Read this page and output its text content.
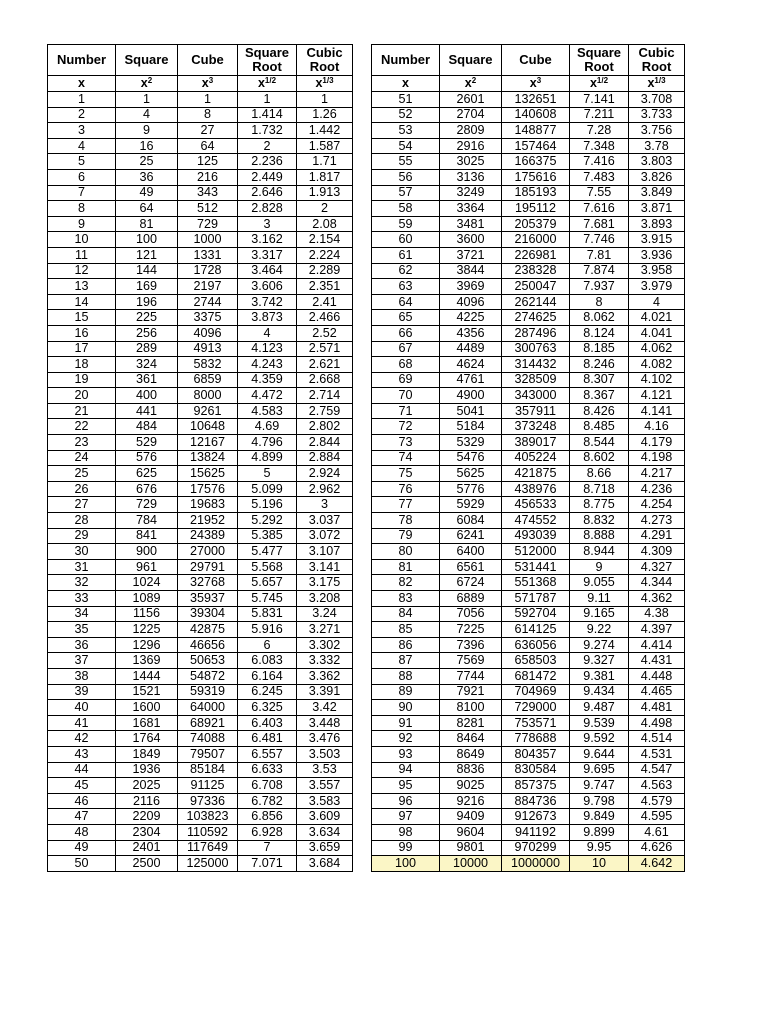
Number	Square	Cube	Square Root	Cubic Root
x	$x^2$	$x^3$	$x^{1/2}$	$x^{1/3}$
1	1	1	1	1
2	4	8	1.414	1.26
3	9	27	1.732	1.442
4	16	64	2	1.587
5	25	125	2.236	1.71
6	36	216	2.449	1.817
7	49	343	2.646	1.913
8	64	512	2.828	2
9	81	729	3	2.08
10	100	1000	3.162	2.154
11	121	1331	3.317	2.224
12	144	1728	3.464	2.289
13	169	2197	3.606	2.351
14	196	2744	3.742	2.41
15	225	3375	3.873	2.466
16	256	4096	4	2.52
17	289	4913	4.123	2.571
18	324	5832	4.243	2.621
19	361	6859	4.359	2.668
20	400	8000	4.472	2.714
21	441	9261	4.583	2.759
22	484	10648	4.69	2.802
23	529	12167	4.796	2.844
24	576	13824	4.899	2.884
25	625	15625	5	2.924
26	676	17576	5.099	2.962
27	729	19683	5.196	3
28	784	21952	5.292	3.037
29	841	24389	5.385	3.072
30	900	27000	5.477	3.107
31	961	29791	5.568	3.141
32	1024	32768	5.657	3.175
33	1089	35937	5.745	3.208
34	1156	39304	5.831	3.24
35	1225	42875	5.916	3.271
36	1296	46656	6	3.302
37	1369	50653	6.083	3.332
38	1444	54872	6.164	3.362
39	1521	59319	6.245	3.391
40	1600	64000	6.325	3.42
41	1681	68921	6.403	3.448
42	1764	74088	6.481	3.476
43	1849	79507	6.557	3.503
44	1936	85184	6.633	3.53
45	2025	91125	6.708	3.557
46	2116	97336	6.782	3.583
47	2209	103823	6.856	3.609
48	2304	110592	6.928	3.634
49	2401	117649	7	3.659
50	2500	125000	7.071	3.684
Number	Square	Cube	Square Root	Cubic Root
x	$x^2$	$x^3$	$x^{1/2}$	$x^{1/3}$
51	2601	132651	7.141	3.708
52	2704	140608	7.211	3.733
53	2809	148877	7.28	3.756
54	2916	157464	7.348	3.78
55	3025	166375	7.416	3.803
56	3136	175616	7.483	3.826
57	3249	185193	7.55	3.849
58	3364	195112	7.616	3.871
59	3481	205379	7.681	3.893
60	3600	216000	7.746	3.915
61	3721	226981	7.81	3.936
62	3844	238328	7.874	3.958
63	3969	250047	7.937	3.979
64	4096	262144	8	4
65	4225	274625	8.062	4.021
66	4356	287496	8.124	4.041
67	4489	300763	8.185	4.062
68	4624	314432	8.246	4.082
69	4761	328509	8.307	4.102
70	4900	343000	8.367	4.121
71	5041	357911	8.426	4.141
72	5184	373248	8.485	4.16
73	5329	389017	8.544	4.179
74	5476	405224	8.602	4.198
75	5625	421875	8.66	4.217
76	5776	438976	8.718	4.236
77	5929	456533	8.775	4.254
78	6084	474552	8.832	4.273
79	6241	493039	8.888	4.291
80	6400	512000	8.944	4.309
81	6561	531441	9	4.327
82	6724	551368	9.055	4.344
83	6889	571787	9.11	4.362
84	7056	592704	9.165	4.38
85	7225	614125	9.22	4.397
86	7396	636056	9.274	4.414
87	7569	658503	9.327	4.431
88	7744	681472	9.381	4.448
89	7921	704969	9.434	4.465
90	8100	729000	9.487	4.481
91	8281	753571	9.539	4.498
92	8464	778688	9.592	4.514
93	8649	804357	9.644	4.531
94	8836	830584	9.695	4.547
95	9025	857375	9.747	4.563
96	9216	884736	9.798	4.579
97	9409	912673	9.849	4.595
98	9604	941192	9.899	4.61
99	9801	970299	9.95	4.626
100	10000	1000000	10	4.642
